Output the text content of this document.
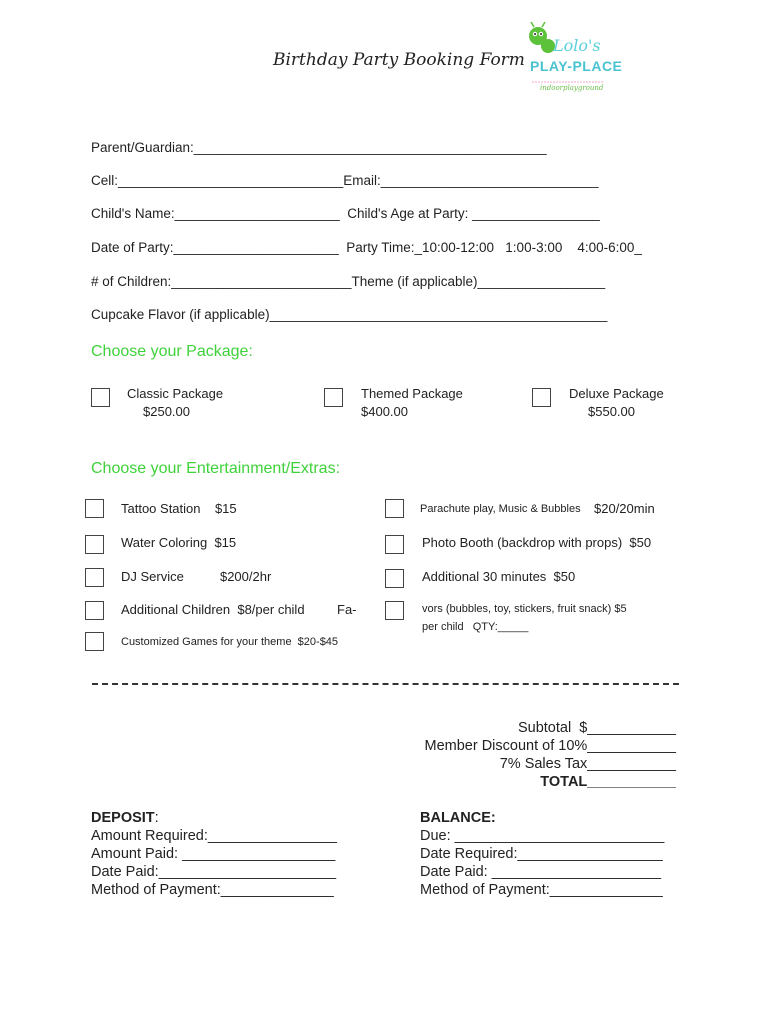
Birthday Party Booking Form
Lolo's
PLAY-PLACE
indoorplayground
Parent/Guardian:_______________________________________________
Cell:______________________________Email:_____________________________
Child's Name:______________________  Child's Age at Party: _________________
Date of Party:______________________  Party Time:_10:00-12:00   1:00-3:00    4:00-6:00_
# of Children:________________________Theme (if applicable)_________________
Cupcake Flavor (if applicable)_____________________________________________
Choose your Package:
Classic Package
$250.00
Themed Package
$400.00
Deluxe Package
$550.00
Choose your Entertainment/Extras:
Tattoo Station    $15
Water Coloring  $15
DJ Service          $200/2hr
Additional Children  $8/per child
Customized Games for your theme  $20-$45
Parachute play, Music & Bubbles $20/20min
Photo Booth (backdrop with props)  $50
Additional 30 minutes  $50
Fa-	vors (bubbles, toy, stickers, fruit snack) $5
per child   QTY:_____
Subtotal  $___________
Member Discount of 10%___________
7% Sales Tax___________
TOTAL___________
DEPOSIT:
Amount Required:________________
Amount Paid: ___________________
Date Paid:______________________
Method of Payment:______________
BALANCE:
Due: __________________________
Date Required:__________________
Date Paid: _____________________
Method of Payment:______________
